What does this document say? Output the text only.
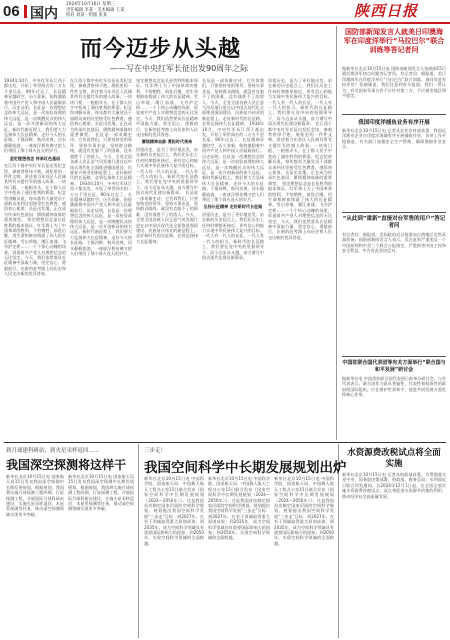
06 国内
2024年10月16日 星期三
责任编辑 李某 · 美术编辑 王某
校对 刘某 · 组版 张某	陕西日报
而今迈步从头越
——写在中央红军长征出发90周年之际
1934年10月，中央红军从江西于都出发，开始了举世闻名的二万五千里长征。90年过去了，长征精神穿越时空，历久弥新，始终激励着中国共产党人和中国人民砥砺前行。历史证明，长征是一次理想信念的伟大远征，是一次检验真理的伟大远征，是一次唤醒民众的伟大远征，是一次开创新局的伟大远征。新时代新征程上，我们要大力弘扬伟大长征精神，走好今天的长征路。于都河畔，秋风送爽，河水静静流淌，一座座浮桥仿佛又把人们带回了那个烽火连天的岁月。
坚定理想信念 传承红色基因
在江西于都中央红军长征出发纪念馆，参观者络绎不绝。展柜里的一件件文物，讲述着当年苏区人民倾其所有支援红军的感人故事。一块块门板、一根根木头，在于都人民手中变成了通往胜利的桥梁。纪念馆讲解员说，每年都有大量党员干部群众来到这里接受红色教育，感悟初心使命。长征出发地，正在成为传承红色基因、赓续精神血脉的重要课堂。 坚定理想信念是长征胜利的根本保证。红军将士为了中国革命的胜利，不怕牺牲、前赴后继，用生命和鲜血铸就了伟大的长征精神。雪山草地、湘江血战、飞夺泸定桥……一个个惊心动魄的场景，诉说着共产党人对理想信念的无比坚定。今天，我们依然要从长征精神中汲取力量，坚定信心、勇毅前行，在新的赶考路上向历史和人民交出新的优异答卷。
在江西于都中央红军长征出发纪念馆，参观者络绎不绝。展柜里的一件件文物，讲述着当年苏区人民倾其所有支援红军的感人故事。一块块门板、一根根木头，在于都人民手中变成了通往胜利的桥梁。纪念馆讲解员说，每年都有大量党员干部群众来到这里接受红色教育，感悟初心使命。长征出发地，正在成为传承红色基因、赓续精神血脉的重要课堂。 长征是一部英雄史诗。它告诉我们，只要坚持党的领导、坚持实事求是、坚持群众路线，就没有克服不了的困难，没有战胜不了的敌人。今天，全党全国各族人民正意气风发地行进在以中国式现代化全面推进强国建设、民族复兴伟业的新征程上。走好新时代的长征路，必须弘扬伟大长征精神。 1934年10月，中央红军从江西于都出发，开始了举世闻名的二万五千里长征。90年过去了，长征精神穿越时空，历久弥新，始终激励着中国共产党人和中国人民砥砺前行。历史证明，长征是一次理想信念的伟大远征，是一次检验真理的伟大远征，是一次唤醒民众的伟大远征，是一次开创新局的伟大远征。新时代新征程上，我们要大力弘扬伟大长征精神，走好今天的长征路。于都河畔，秋风送爽，河水静静流淌，一座座浮桥仿佛又把人们带回了那个烽火连天的岁月。
坚定理想信念是长征胜利的根本保证。红军将士为了中国革命的胜利，不怕牺牲、前赴后继，用生命和鲜血铸就了伟大的长征精神。雪山草地、湘江血战、飞夺泸定桥……一个个惊心动魄的场景，诉说着共产党人对理想信念的无比坚定。今天，我们依然要从长征精神中汲取力量，坚定信心、勇毅前行，在新的赶考路上向历史和人民交出新的优异答卷。
赓续精神血脉 勇担时代使命
回望历史，是为了更好地出发。站在新的历史起点上，我们比历史上任何时期都更接近、更有信心和能力实现中华民族伟大复兴的目标。一代人有一代人的长征，一代人有一代人的担当。新时代的长征路上，我们要在党中央的坚强领导下，而今迈步从头越，奋力谱写中国式现代化建设新篇章。 长征是一部英雄史诗。它告诉我们，只要坚持党的领导、坚持实事求是、坚持群众路线，就没有克服不了的困难，没有战胜不了的敌人。今天，全党全国各族人民正意气风发地行进在以中国式现代化全面推进强国建设、民族复兴伟业的新征程上。走好新时代的长征路，必须弘扬伟大长征精神。
长征是一部英雄史诗。它告诉我们，只要坚持党的领导、坚持实事求是、坚持群众路线，就没有克服不了的困难，没有战胜不了的敌人。今天，全党全国各族人民正意气风发地行进在以中国式现代化全面推进强国建设、民族复兴伟业的新征程上。走好新时代的长征路，必须弘扬伟大长征精神。 1934年10月，中央红军从江西于都出发，开始了举世闻名的二万五千里长征。90年过去了，长征精神穿越时空，历久弥新，始终激励着中国共产党人和中国人民砥砺前行。历史证明，长征是一次理想信念的伟大远征，是一次检验真理的伟大远征，是一次唤醒民众的伟大远征，是一次开创新局的伟大远征。新时代新征程上，我们要大力弘扬伟大长征精神，走好今天的长征路。于都河畔，秋风送爽，河水静静流淌，一座座浮桥仿佛又把人们带回了那个烽火连天的岁月。
弘扬长征精神 走好新时代长征路
回望历史，是为了更好地出发。站在新的历史起点上，我们比历史上任何时期都更接近、更有信心和能力实现中华民族伟大复兴的目标。一代人有一代人的长征，一代人有一代人的担当。新时代的长征路上，我们要在党中央的坚强领导下，而今迈步从头越，奋力谱写中国式现代化建设新篇章。
回望历史，是为了更好地出发。站在新的历史起点上，我们比历史上任何时期都更接近、更有信心和能力实现中华民族伟大复兴的目标。一代人有一代人的长征，一代人有一代人的担当。新时代的长征路上，我们要在党中央的坚强领导下，而今迈步从头越，奋力谱写中国式现代化建设新篇章。 在江西于都中央红军长征出发纪念馆，参观者络绎不绝。展柜里的一件件文物，讲述着当年苏区人民倾其所有支援红军的感人故事。一块块门板、一根根木头，在于都人民手中变成了通往胜利的桥梁。纪念馆讲解员说，每年都有大量党员干部群众来到这里接受红色教育，感悟初心使命。长征出发地，正在成为传承红色基因、赓续精神血脉的重要课堂。 坚定理想信念是长征胜利的根本保证。红军将士为了中国革命的胜利，不怕牺牲、前赴后继，用生命和鲜血铸就了伟大的长征精神。雪山草地、湘江血战、飞夺泸定桥……一个个惊心动魄的场景，诉说着共产党人对理想信念的无比坚定。今天，我们依然要从长征精神中汲取力量，坚定信心、勇毅前行，在新的赶考路上向历史和人民交出新的优异答卷。
国防部新闻发言人就美日印澳海军在印度洋举行“马拉巴尔”联合训练等答记者问
据新华社北京10月15日电 国防部新闻发言人张晓刚15日就近期涉军热点问题答记者问。有记者问：据报道，美日印澳海军在印度洋举行“马拉巴尔”联合训练，请问对此有何评论？张晓刚说，我们注意到有关报道。我们一贯认为，有关国家军事合作不应针对第三方，不应损害地区和平稳定。
我国印度洋捕鱼业务有序开展
新华社北京10月15日电 记者从农业农村部获悉，我国远洋渔业企业在印度洋海域有序开展捕鱼作业，各项工作平稳推进。有关部门加强安全生产管理，确保渔船作业安全。
“从此到”重新”直接对台军售的用户”答记者问
有记者问：据报道，美国政府近日批准向台湾地区出售武器装备。国防部新闻发言人表示，美方此举严重违反一个中国原则和中美三个联合公报规定，严重损害中国主权和安全利益，中方对此坚决反对。
中国驻联合国代表团等有关方面举行“联合国与和平发展”研讨会
据新华社电 中国常驻联合国代表团日前举办研讨会。与会代表表示，联合国作为最具普遍性、代表性和权威性的政府间国际组织，应在维护世界和平、促进共同发展方面发挥核心作用。
水资源费改税试点将全面实施
新华社北京10月15日电 记者从财政部获悉，为贯彻落实党中央、国务院决策部署，财政部、税务总局、水利部近日联合印发通知，自2024年12月1日起，在全国全面实施水资源费改税试点。试点将促进水资源节约集约利用，推动经济社会高质量发展。
到月球建科研站，到火星采样返回……
我国深空探测将这样干
新华社北京10月15日电 国家航天局15日发布我国深空探测中长期发展规划。根据规划，我国将实施月球探测工程四期、行星探测工程，开展国际月球科研站建设，实施火星采样返回、木星系探测等任务，推动深空探测领域实现更多突破。
新华社北京10月15日电 国家航天局15日发布我国深空探测中长期发展规划。根据规划，我国将实施月球探测工程四期、行星探测工程，开展国际月球科研站建设，实施火星采样返回、木星系探测等任务，推动深空探测领域实现更多突破。
三步走！
我国空间科学中长期发展规划出炉
新华社北京10月15日电 中国科学院、国家航天局、中国载人航天工程办公室15日联合发布《国家空间科学中长期发展规划（2024—2050年）》。这是我国首次制定国家层面的空间科学规划。规划提出我国空间科学发展“三步走”目标：到2027年，在若干领域取得重大原创成果；到2035年，成为空间科学领域具有重要国际影响力的国家；到2050年，实现空间科学领域的全面跨越。
新华社北京10月15日电 中国科学院、国家航天局、中国载人航天工程办公室15日联合发布《国家空间科学中长期发展规划（2024—2050年）》。这是我国首次制定国家层面的空间科学规划。规划提出我国空间科学发展“三步走”目标：到2027年，在若干领域取得重大原创成果；到2035年，成为空间科学领域具有重要国际影响力的国家；到2050年，实现空间科学领域的全面跨越。
新华社北京10月15日电 中国科学院、国家航天局、中国载人航天工程办公室15日联合发布《国家空间科学中长期发展规划（2024—2050年）》。这是我国首次制定国家层面的空间科学规划。规划提出我国空间科学发展“三步走”目标：到2027年，在若干领域取得重大原创成果；到2035年，成为空间科学领域具有重要国际影响力的国家；到2050年，实现空间科学领域的全面跨越。
